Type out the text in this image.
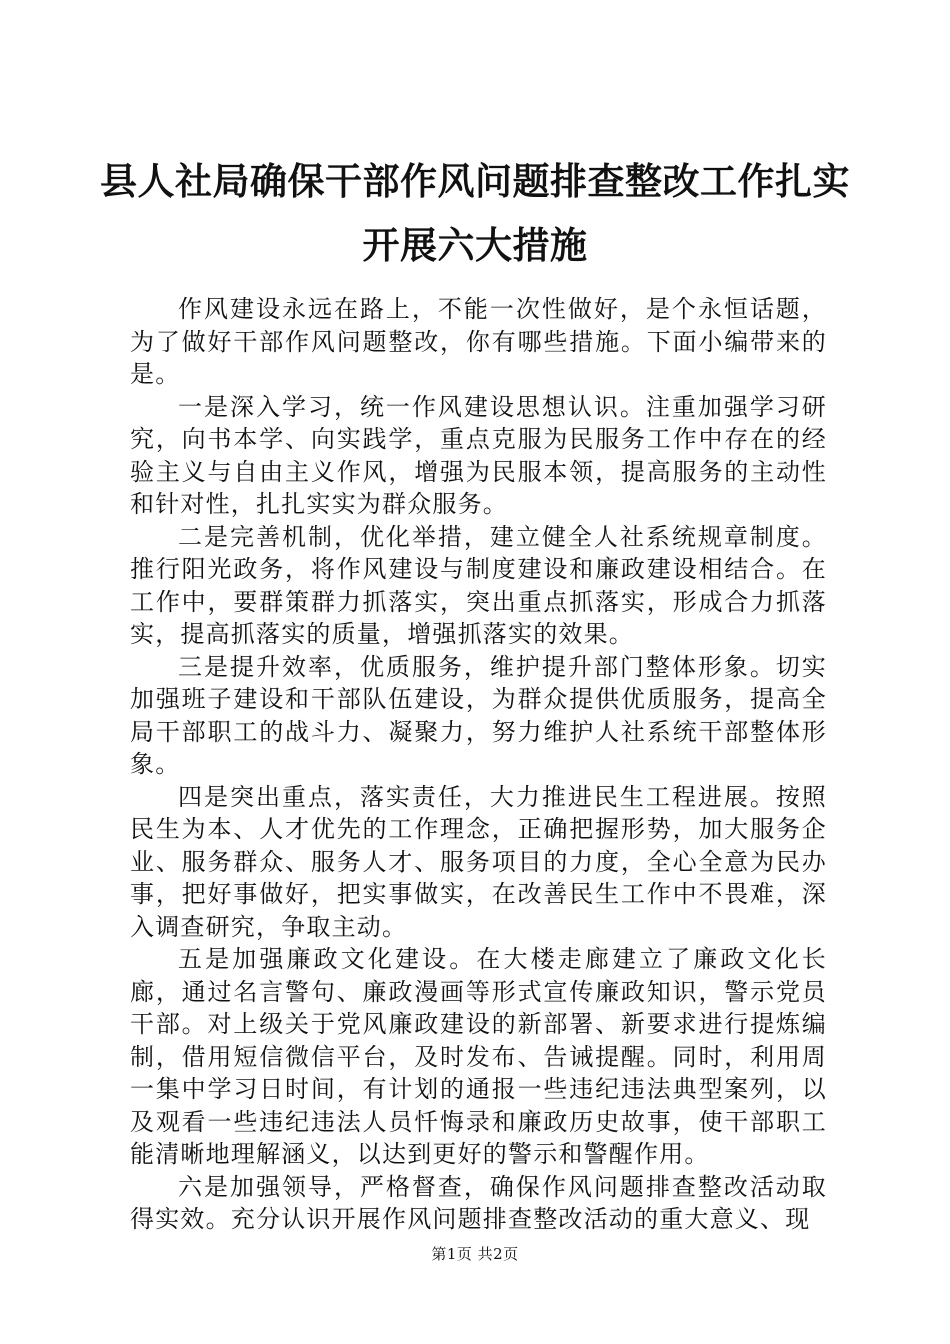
县人社局确保干部作风问题排查整改工作扎实
开展六大措施

作风建设永远在路上，不能一次性做好，是个永恒话题，为了做好干部作风问题整改，你有哪些措施。下面小编带来的是。

一是深入学习，统一作风建设思想认识。注重加强学习研究，向书本学、向实践学，重点克服为民服务工作中存在的经验主义与自由主义作风，增强为民服本领，提高服务的主动性和针对性，扎扎实实为群众服务。

二是完善机制，优化举措，建立健全人社系统规章制度。推行阳光政务，将作风建设与制度建设和廉政建设相结合。在工作中，要群策群力抓落实，突出重点抓落实，形成合力抓落实，提高抓落实的质量，增强抓落实的效果。

三是提升效率，优质服务，维护提升部门整体形象。切实加强班子建设和干部队伍建设，为群众提供优质服务，提高全局干部职工的战斗力、凝聚力，努力维护人社系统干部整体形象。

四是突出重点，落实责任，大力推进民生工程进展。按照民生为本、人才优先的工作理念，正确把握形势，加大服务企业、服务群众、服务人才、服务项目的力度，全心全意为民办事，把好事做好，把实事做实，在改善民生工作中不畏难，深入调查研究，争取主动。

五是加强廉政文化建设。在大楼走廊建立了廉政文化长廊，通过名言警句、廉政漫画等形式宣传廉政知识，警示党员干部。对上级关于党风廉政建设的新部署、新要求进行提炼编制，借用短信微信平台，及时发布、告诫提醒。同时，利用周一集中学习日时间，有计划的通报一些违纪违法典型案列，以及观看一些违纪违法人员忏悔录和廉政历史故事，使干部职工能清晰地理解涵义，以达到更好的警示和警醒作用。

六是加强领导，严格督查，确保作风问题排查整改活动取得实效。充分认识开展作风问题排查整改活动的重大意义、现

第1页 共2页
